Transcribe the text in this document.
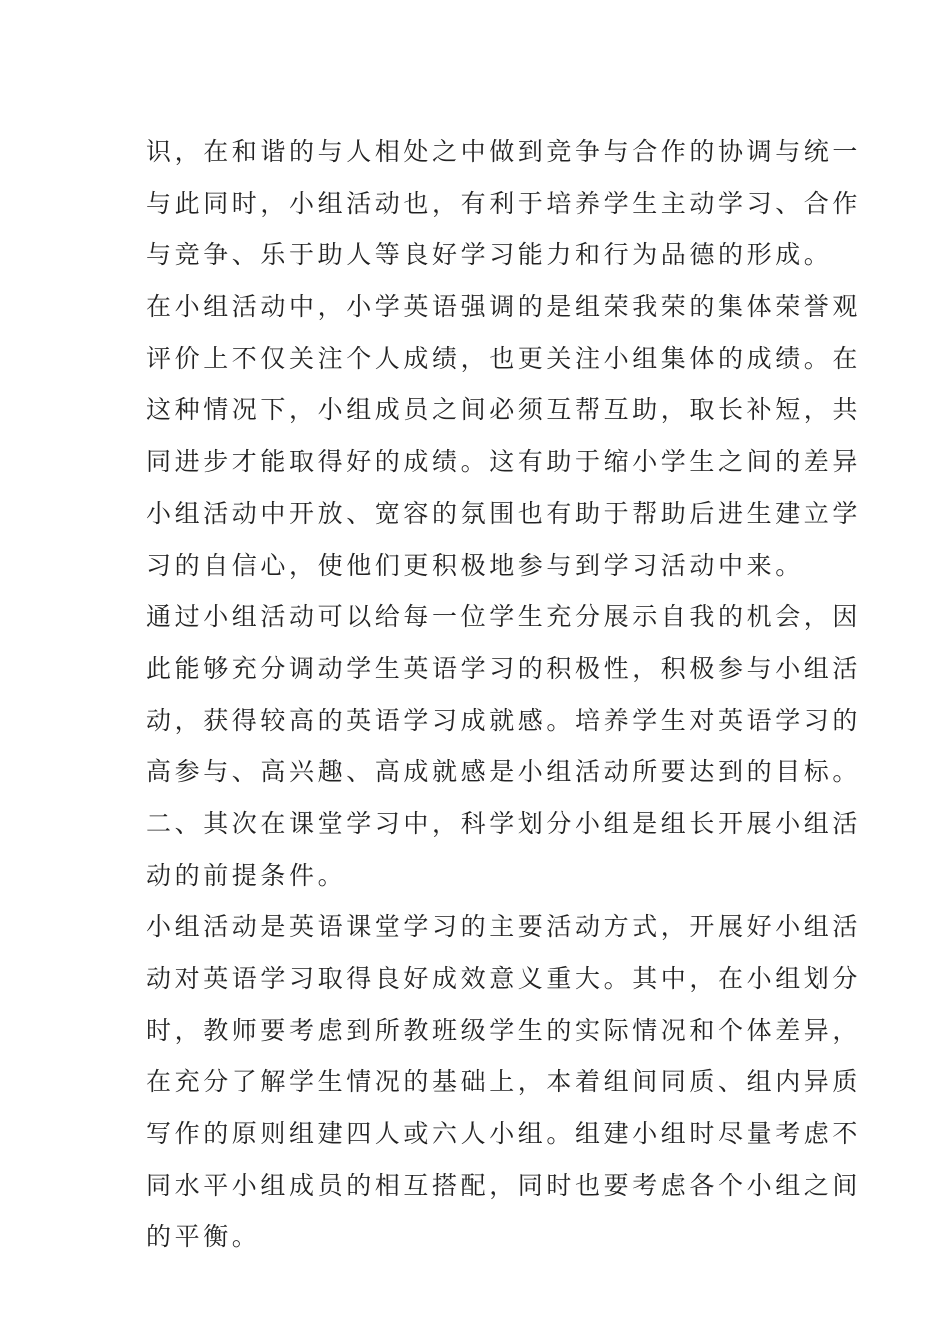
识，在和谐的与人相处之中做到竞争与合作的协调与统一
与此同时，小组活动也，有利于培养学生主动学习、合作
与竞争、乐于助人等良好学习能力和行为品德的形成。
在小组活动中，小学英语强调的是组荣我荣的集体荣誉观
评价上不仅关注个人成绩，也更关注小组集体的成绩。在
这种情况下，小组成员之间必须互帮互助，取长补短，共
同进步才能取得好的成绩。这有助于缩小学生之间的差异
小组活动中开放、宽容的氛围也有助于帮助后进生建立学
习的自信心，使他们更积极地参与到学习活动中来。
通过小组活动可以给每一位学生充分展示自我的机会，因
此能够充分调动学生英语学习的积极性，积极参与小组活
动，获得较高的英语学习成就感。培养学生对英语学习的
高参与、高兴趣、高成就感是小组活动所要达到的目标。
二、其次在课堂学习中，科学划分小组是组长开展小组活
动的前提条件。
小组活动是英语课堂学习的主要活动方式，开展好小组活
动对英语学习取得良好成效意义重大。其中，在小组划分
时，教师要考虑到所教班级学生的实际情况和个体差异，
在充分了解学生情况的基础上，本着组间同质、组内异质
写作的原则组建四人或六人小组。组建小组时尽量考虑不
同水平小组成员的相互搭配，同时也要考虑各个小组之间
的平衡。
